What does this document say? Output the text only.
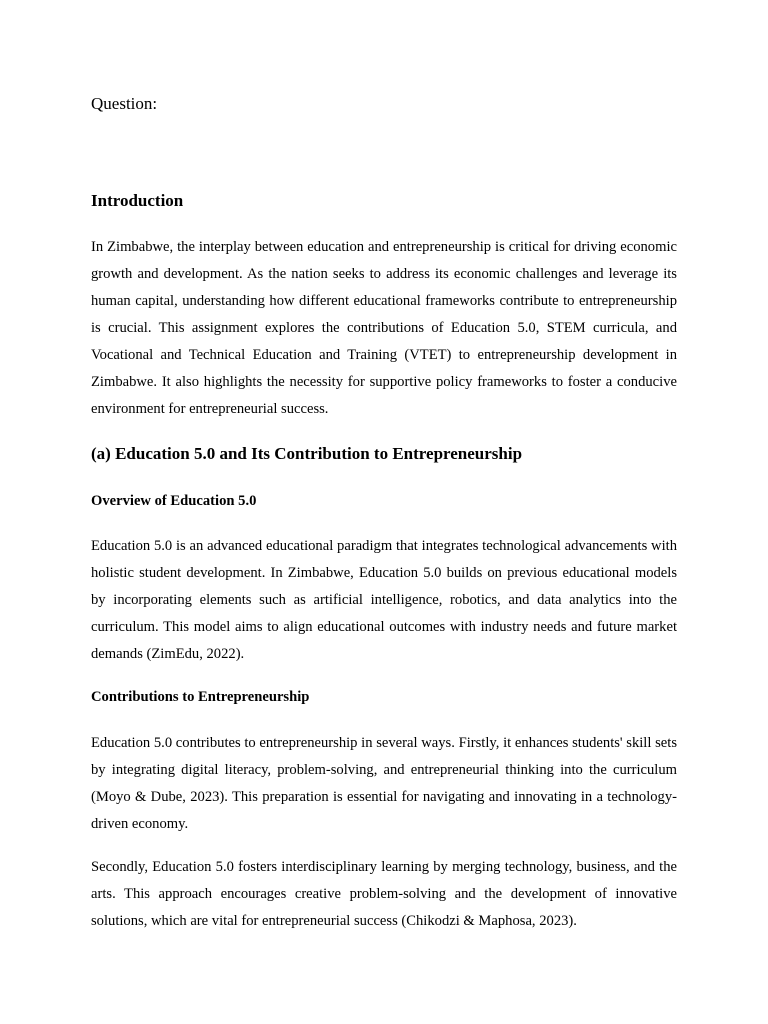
Question:

Introduction

In Zimbabwe, the interplay between education and entrepreneurship is critical for driving economic growth and development. As the nation seeks to address its economic challenges and leverage its human capital, understanding how different educational frameworks contribute to entrepreneurship is crucial. This assignment explores the contributions of Education 5.0, STEM curricula, and Vocational and Technical Education and Training (VTET) to entrepreneurship development in Zimbabwe. It also highlights the necessity for supportive policy frameworks to foster a conducive environment for entrepreneurial success.

(a) Education 5.0 and Its Contribution to Entrepreneurship
Overview of Education 5.0

Education 5.0 is an advanced educational paradigm that integrates technological advancements with holistic student development. In Zimbabwe, Education 5.0 builds on previous educational models by incorporating elements such as artificial intelligence, robotics, and data analytics into the curriculum. This model aims to align educational outcomes with industry needs and future market demands (ZimEdu, 2022).

Contributions to Entrepreneurship

Education 5.0 contributes to entrepreneurship in several ways. Firstly, it enhances students' skill sets by integrating digital literacy, problem-solving, and entrepreneurial thinking into the curriculum (Moyo & Dube, 2023). This preparation is essential for navigating and innovating in a technology-driven economy.

Secondly, Education 5.0 fosters interdisciplinary learning by merging technology, business, and the arts. This approach encourages creative problem-solving and the development of innovative solutions, which are vital for entrepreneurial success (Chikodzi & Maphosa, 2023).
